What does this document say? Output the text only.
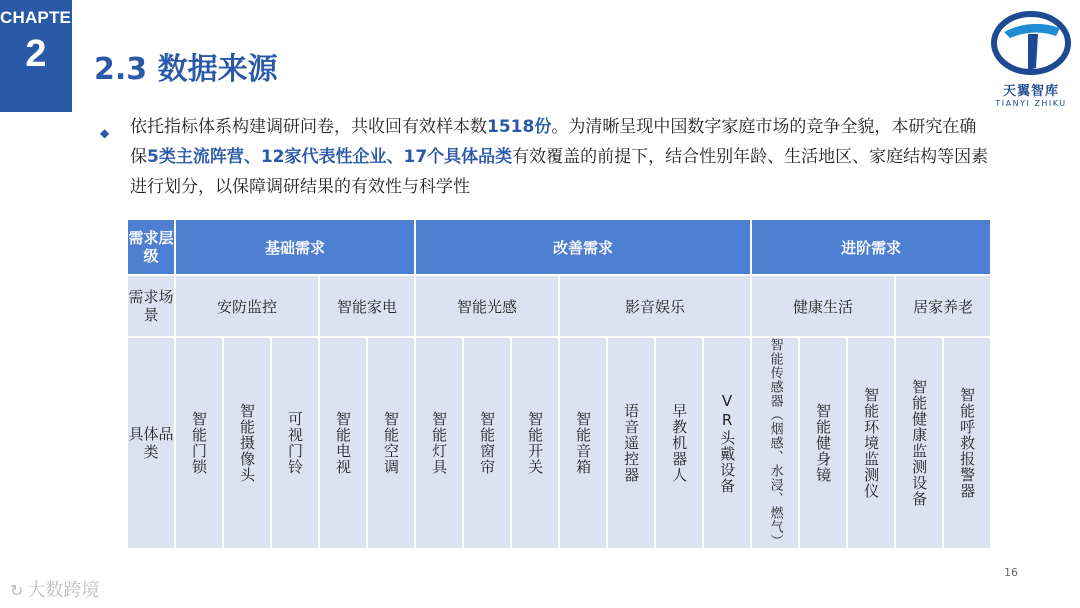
CHAPTER
2	2.3 数据来源
天翼智库
TIANYI ZHIKU
◆ 依托指标体系构建调研问卷，共收回有效样本数1518份。为清晰呈现中国数字家庭市场的竞争全貌，本研究在确保5类主流阵营、12家代表性企业、17个具体品类有效覆盖的前提下，结合性别年龄、生活地区、家庭结构等因素进行划分，以保障调研结果的有效性与科学性

需求层级	基础需求					改善需求							进阶需求				
需求场景	安防监控			智能家电		智能光感			影音娱乐				健康生活			居家养老	
具体品类	智能门锁	智能摄像头	可视门铃	智能电视	智能空调	智能灯具	智能窗帘	智能开关	智能音箱	语音遥控器	早教机器人	VR头戴设备	智能传感器（烟感、水浸、燃气）	智能健身镜	智能环境监测仪	智能健康监测设备	智能呼救报警器
16
↻ 大数跨境
